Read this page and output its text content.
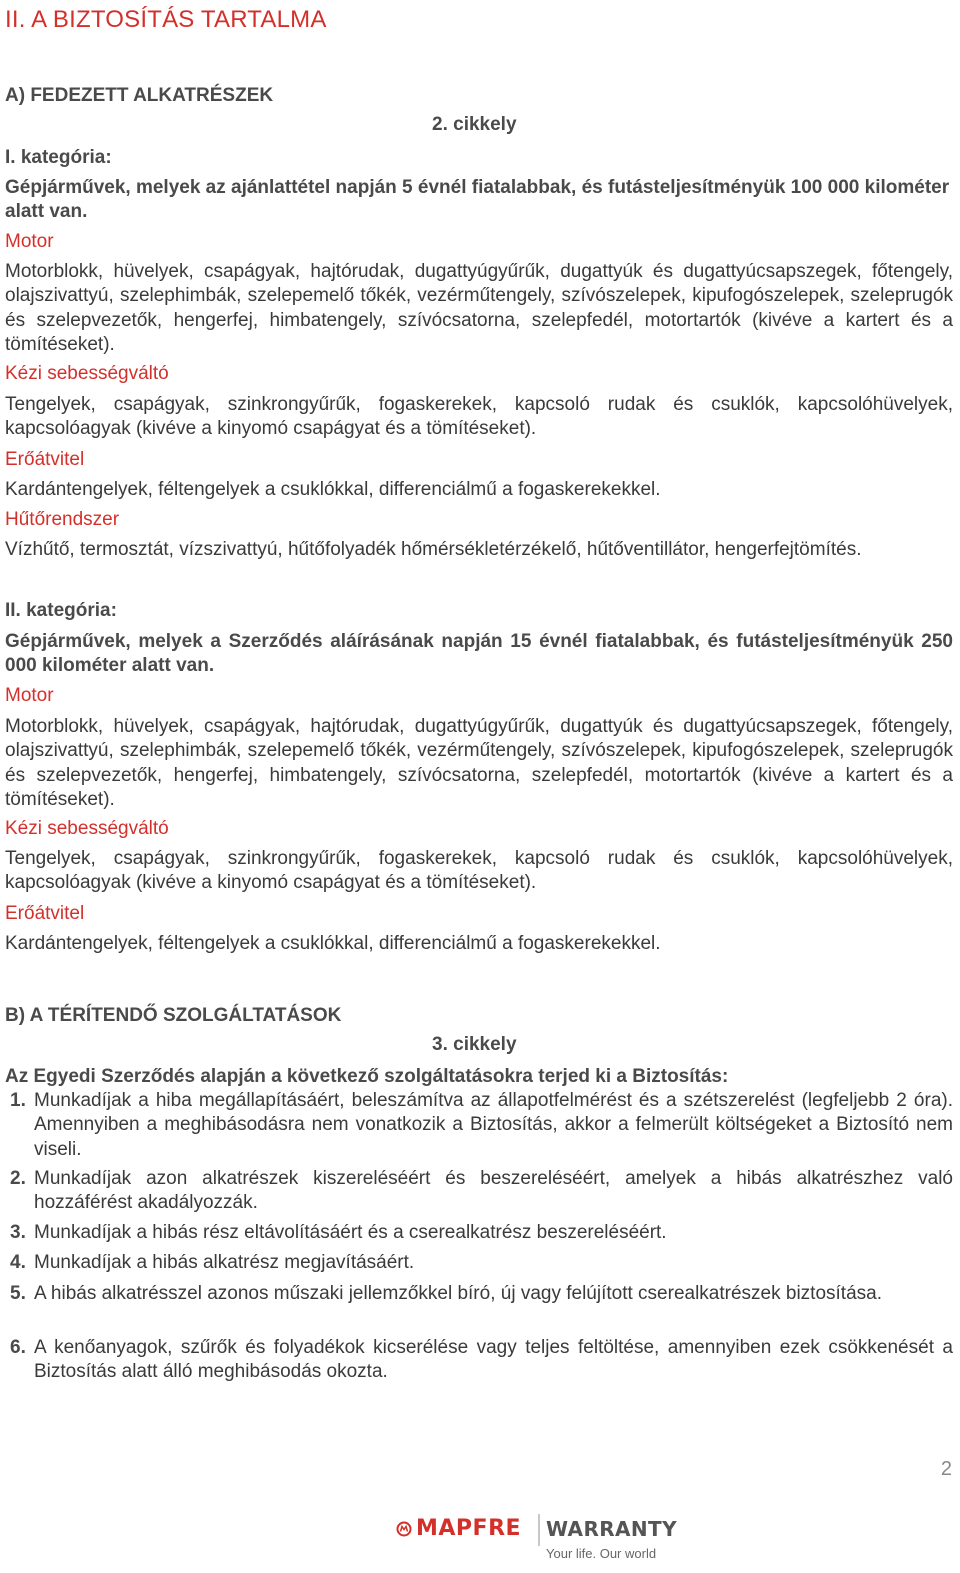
II. A BIZTOSÍTÁS TARTALMA
A) FEDEZETT ALKATRÉSZEK
2. cikkely
I. kategória:
Gépjárművek, melyek az ajánlattétel napján 5 évnél fiatalabbak, és futásteljesítményük 100 000 kilométer alatt van.
Motor
Motorblokk, hüvelyek, csapágyak, hajtórudak, dugattyúgyűrűk, dugattyúk és dugattyúcsapszegek, főtengely, olajszivattyú, szelephimbák, szelepemelő tőkék, vezérműtengely, szívószelepek, kipufogószelepek, szeleprugók és szelepvezetők, hengerfej, himbatengely, szívócsatorna, szelepfedél, motortartók (kivéve a kartert és a tömítéseket).
Kézi sebességváltó
Tengelyek, csapágyak, szinkrongyűrűk, fogaskerekek, kapcsoló rudak és csuklók, kapcsolóhüvelyek, kapcsolóagyak (kivéve a kinyomó csapágyat és a tömítéseket).
Erőátvitel
Kardántengelyek, féltengelyek a csuklókkal, differenciálmű a fogaskerekekkel.
Hűtőrendszer
Vízhűtő, termosztát, vízszivattyú, hűtőfolyadék hőmérsékletérzékelő, hűtőventillátor, hengerfejtömítés.
II. kategória:
Gépjárművek, melyek a Szerződés aláírásának napján 15 évnél fiatalabbak, és futásteljesítményük 250 000 kilométer alatt van.
Motor
Motorblokk, hüvelyek, csapágyak, hajtórudak, dugattyúgyűrűk, dugattyúk és dugattyúcsapszegek, főtengely, olajszivattyú, szelephimbák, szelepemelő tőkék, vezérműtengely, szívószelepek, kipufogószelepek, szeleprugók és szelepvezetők, hengerfej, himbatengely, szívócsatorna, szelepfedél, motortartók (kivéve a kartert és a tömítéseket).
Kézi sebességváltó
Tengelyek, csapágyak, szinkrongyűrűk, fogaskerekek, kapcsoló rudak és csuklók, kapcsolóhüvelyek, kapcsolóagyak (kivéve a kinyomó csapágyat és a tömítéseket).
Erőátvitel
Kardántengelyek, féltengelyek a csuklókkal, differenciálmű a fogaskerekekkel.
B) A TÉRÍTENDŐ SZOLGÁLTATÁSOK
3. cikkely
Az Egyedi Szerződés alapján a következő szolgáltatásokra terjed ki a Biztosítás:
1. Munkadíjak a hiba megállapításáért, beleszámítva az állapotfelmérést és a szétszerelést (legfeljebb 2 óra). Amennyiben a meghibásodásra nem vonatkozik a Biztosítás, akkor a felmerült költségeket a Biztosító nem viseli.
2. Munkadíjak azon alkatrészek kiszereléséért és beszereléséért, amelyek a hibás alkatrészhez való hozzáférést akadályozzák.
3. Munkadíjak a hibás rész eltávolításáért és a cserealkatrész beszereléséért.
4. Munkadíjak a hibás alkatrész megjavításáért.
5. A hibás alkatrésszel azonos műszaki jellemzőkkel bíró, új vagy felújított cserealkatrészek biztosítása.
6. A kenőanyagok, szűrők és folyadékok kicserélése vagy teljes feltöltése, amennyiben ezek csökkenését a Biztosítás alatt álló meghibásodás okozta.
2
MAPFRE WARRANTY
Your life. Our world
